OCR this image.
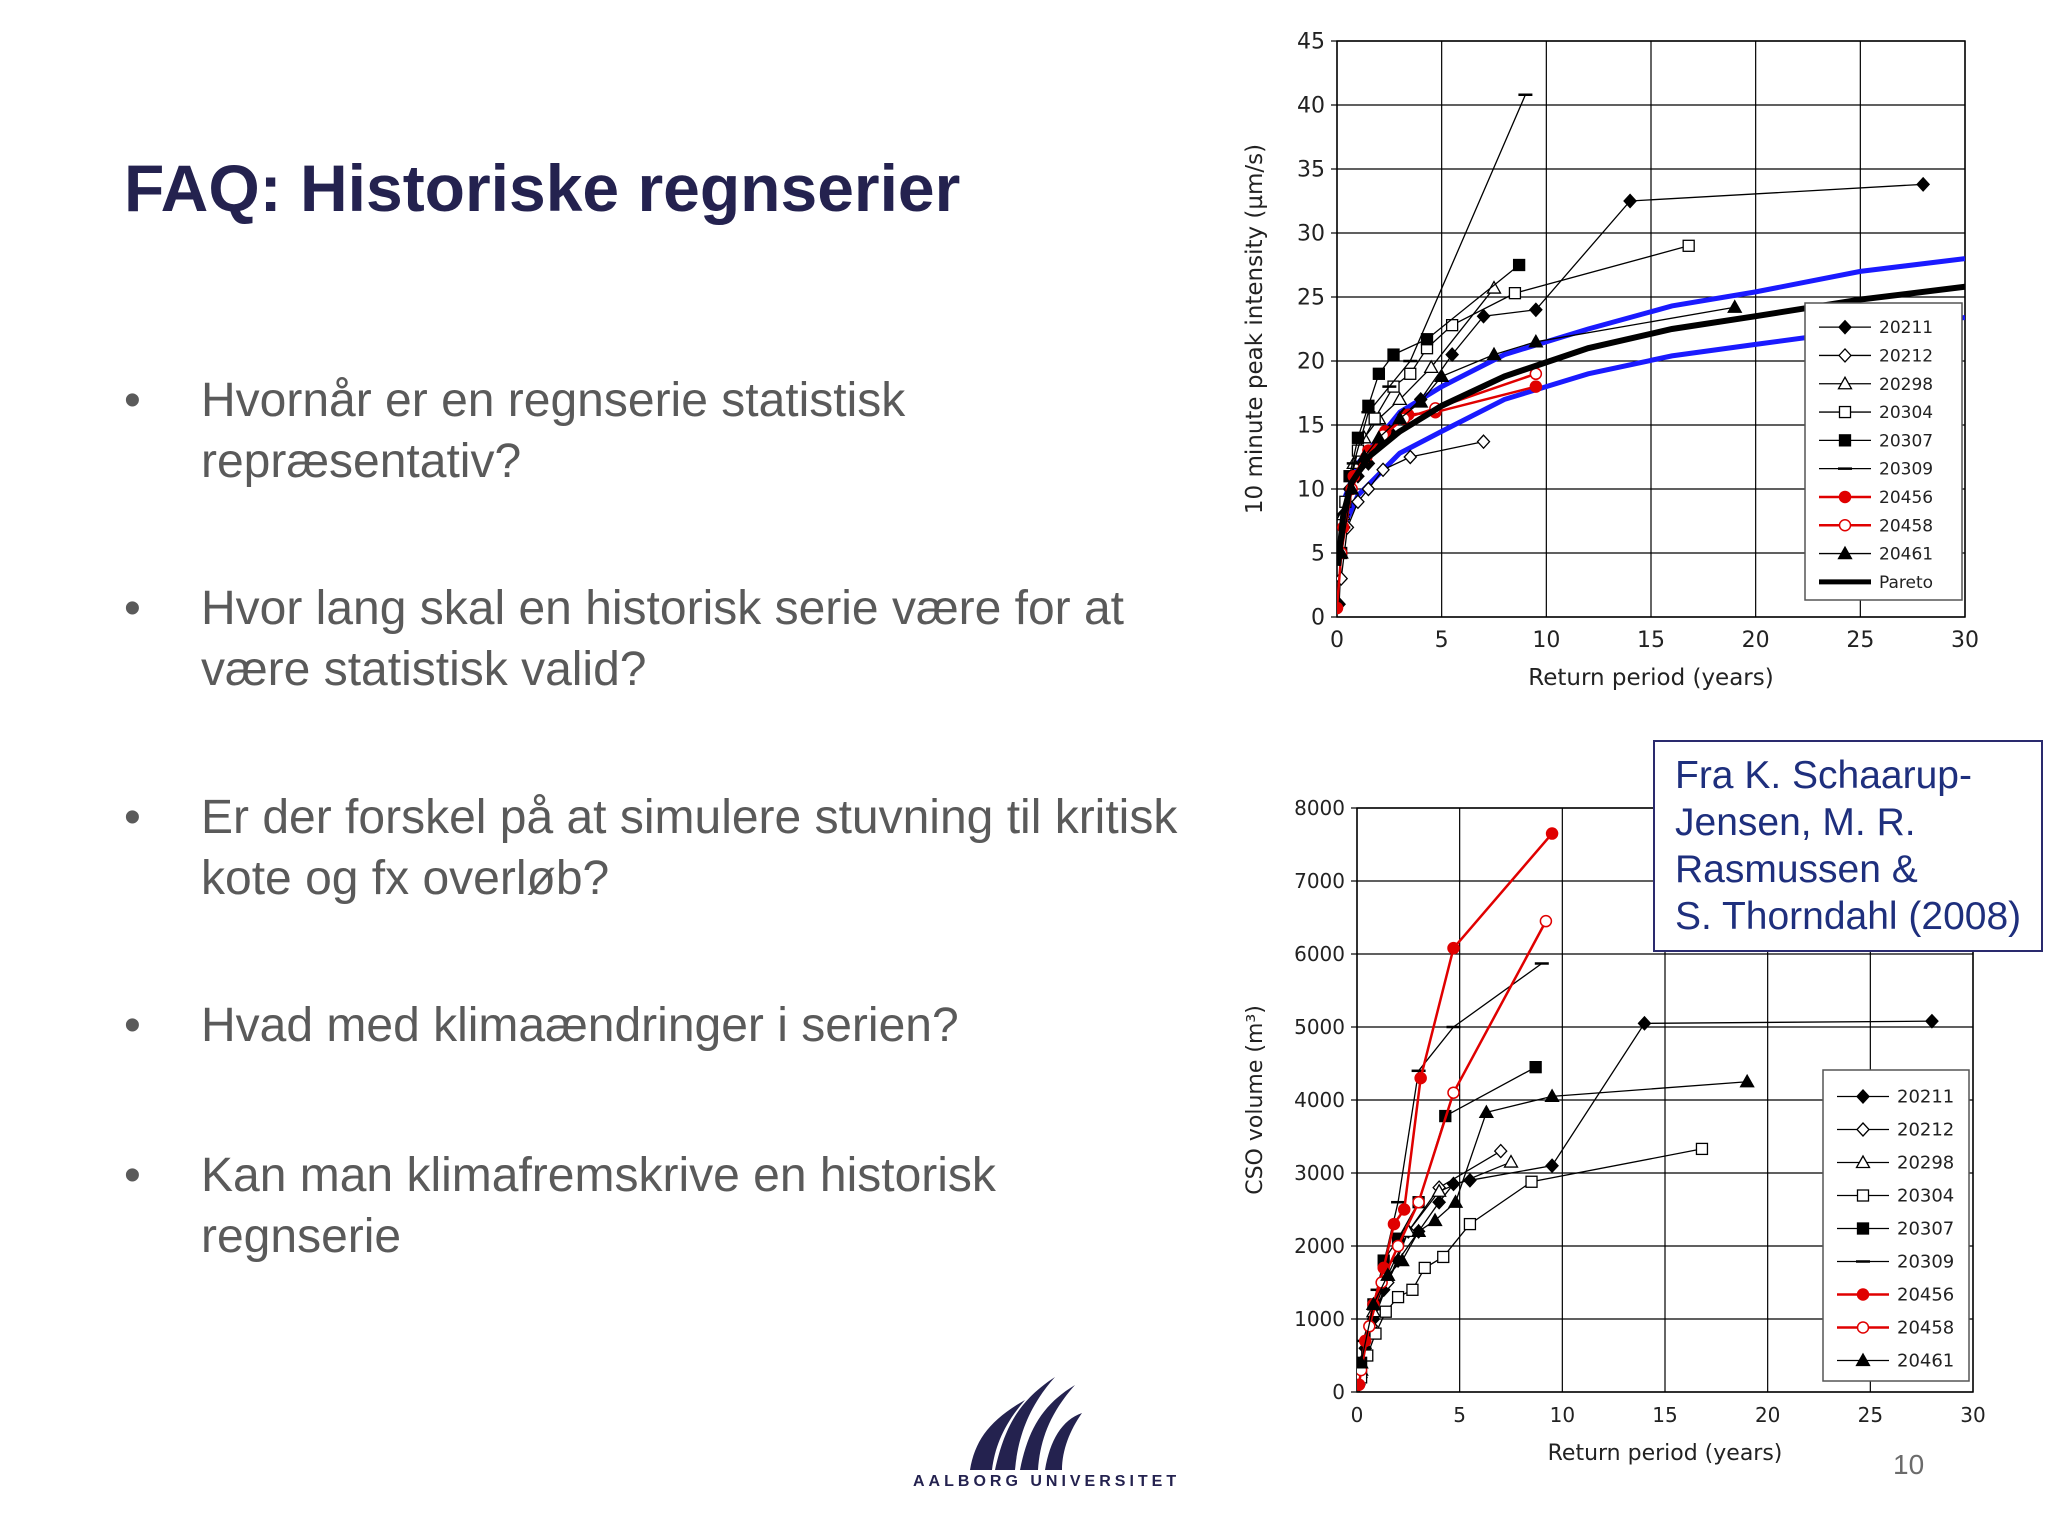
FAQ: Historiske regnserier
•	Hvornår er en regnserie statistisk repræsentativ?
•	Hvor lang skal en historisk serie være for at være statistisk valid?
•	Er der forskel på at simulere stuvning til kritisk kote og fx overløb?
•	Hvad med klimaændringer i serien?
•	Kan man klimafremskrive en historisk regnserie
0	5	10	15	20	25	30
0
5
10
15
20
25
30
35
40
45
Return period (years)
10 minute peak intensity (µm/s)	20211
20212
20298
20304
20307
20309
20456
20458
20461
Pareto
0	5	10	15	20	25	30
0
1000
2000
3000
4000
5000
6000
7000
8000
Return period (years)
CSO volume (m³)	20211
20212
20298
20304
20307
20309
20456
20458
20461
Fra K. Schaarup-
Jensen, M. R.
Rasmussen &
S. Thorndahl (2008)
AALBORG UNIVERSITET
10
